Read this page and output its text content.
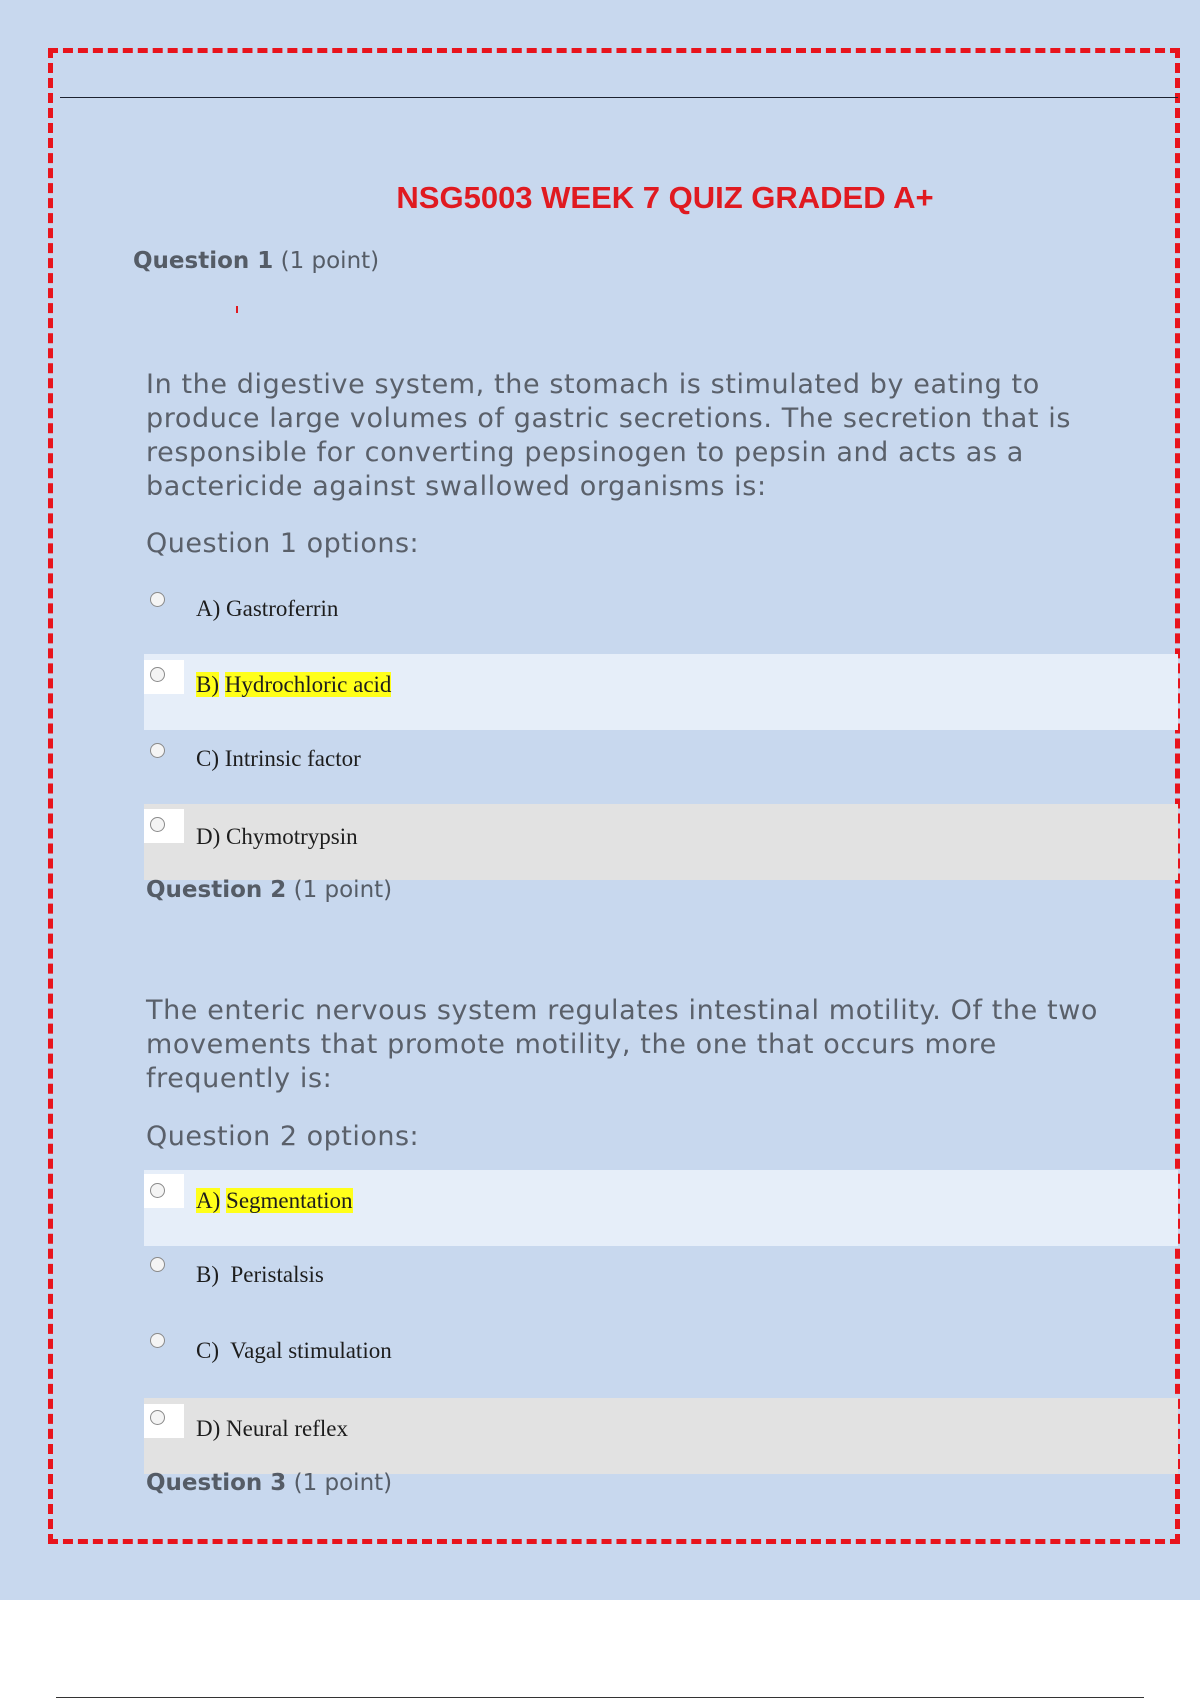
NSG5003 WEEK 7 QUIZ GRADED A+
Question 1 (1 point)
In the digestive system, the stomach is stimulated by eating to produce large volumes of gastric secretions. The secretion that is responsible for converting pepsinogen to pepsin and acts as a bactericide against swallowed organisms is:
Question 1 options:
A) Gastroferrin
B) Hydrochloric acid
C) Intrinsic factor
D) Chymotrypsin
Question 2 (1 point)
The enteric nervous system regulates intestinal motility. Of the two movements that promote motility, the one that occurs more frequently is:
Question 2 options:
A) Segmentation
B) Peristalsis
C) Vagal stimulation
D) Neural reflex
Question 3 (1 point)
